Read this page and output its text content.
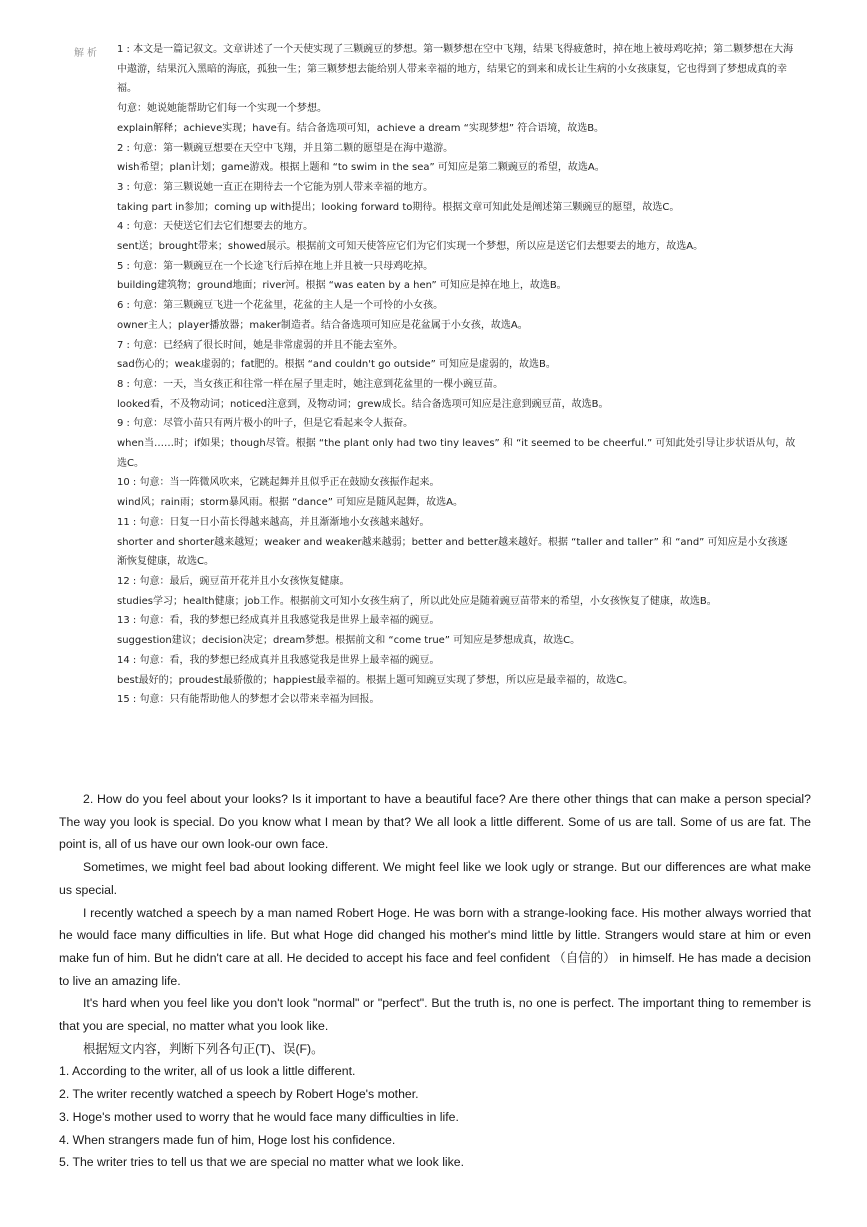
解析 1 : 本文是一篇记叙文。文章讲述了一个天使实现了三颗豌豆的梦想。第一颗梦想在空中飞翔，结果飞得疲惫时，掉在地上被母鸡吃掉；第二颗梦想在大海中遨游，结果沉入黑暗的海底，孤独一生；第三颗梦想去能给别人带来幸福的地方，结果它的到来和成长让生病的小女孩康复，它也得到了梦想成真的幸福。
句意：她说她能帮助它们每一个实现一个梦想。
explain解释；achieve实现；have有。结合备选项可知，achieve a dream “实现梦想” 符合语境，故选B。
2 : 句意：第一颗豌豆想要在天空中飞翔，并且第二颗的愿望是在海中遨游。
wish希望；plan计划；game游戏。根据上题和 “to swim in the sea” 可知应是第二颗豌豆的希望，故选A。
3 : 句意：第三颗说她一直正在期待去一个它能为别人带来幸福的地方。
taking part in参加；coming up with提出；looking forward to期待。根据文章可知此处是阐述第三颗豌豆的愿望，故选C。
4 : 句意：天使送它们去它们想要去的地方。
sent送；brought带来；showed展示。根据前文可知天使答应它们为它们实现一个梦想，所以应是送它们去想要去的地方，故选A。
5 : 句意：第一颗豌豆在一个长途飞行后掉在地上并且被一只母鸡吃掉。
building建筑物；ground地面；river河。根据 “was eaten by a hen” 可知应是掉在地上，故选B。
6 : 句意：第三颗豌豆飞进一个花盆里，花盆的主人是一个可怜的小女孩。
owner主人；player播放器；maker制造者。结合备选项可知应是花盆属于小女孩，故选A。
7 : 句意：已经病了很长时间，她是非常虚弱的并且不能去室外。
sad伤心的；weak虚弱的；fat肥的。根据 “and couldn't go outside” 可知应是虚弱的，故选B。
8 : 句意：一天，当女孩正和往常一样在屋子里走时，她注意到花盆里的一棵小豌豆苗。
looked看，不及物动词；noticed注意到，及物动词；grew成长。结合备选项可知应是注意到豌豆苗，故选B。
9 : 句意：尽管小苗只有两片极小的叶子，但是它看起来令人振奋。
when当……时；if如果；though尽管。根据 “the plant only had two tiny leaves” 和 “it seemed to be cheerful.” 可知此处引导让步状语从句，故选C。
10 : 句意：当一阵微风吹来，它跳起舞并且似乎正在鼓励女孩振作起来。
wind风；rain雨；storm暴风雨。根据 “dance” 可知应是随风起舞，故选A。
11 : 句意：日复一日小苗长得越来越高，并且渐渐地小女孩越来越好。
shorter and shorter越来越短；weaker and weaker越来越弱；better and better越来越好。根据 “taller and taller” 和 “and” 可知应是小女孩逐渐恢复健康，故选C。
12 : 句意：最后，豌豆苗开花并且小女孩恢复健康。
studies学习；health健康；job工作。根据前文可知小女孩生病了，所以此处应是随着豌豆苗带来的希望，小女孩恢复了健康，故选B。
13 : 句意：看，我的梦想已经成真并且我感觉我是世界上最幸福的豌豆。
suggestion建议；decision决定；dream梦想。根据前文和 “come true” 可知应是梦想成真，故选C。
14 : 句意：看，我的梦想已经成真并且我感觉我是世界上最幸福的豌豆。
best最好的；proudest最骄傲的；happiest最幸福的。根据上题可知豌豆实现了梦想，所以应是最幸福的，故选C。
15 : 句意：只有能帮助他人的梦想才会以带来幸福为回报。

2. How do you feel about your looks? Is it important to have a beautiful face? Are there other things that can make a person special? The way you look is special. Do you know what I mean by that? We all look a little different. Some of us are tall. Some of us are fat. The point is, all of us have our own look-our own face.

Sometimes, we might feel bad about looking different. We might feel like we look ugly or strange. But our differences are what make us special.

I recently watched a speech by a man named Robert Hoge. He was born with a strange-looking face. His mother always worried that he would face many difficulties in life. But what Hoge did changed his mother's mind little by little. Strangers would stare at him or even make fun of him. But he didn't care at all. He decided to accept his face and feel confident （自信的） in himself. He has made a decision to live an amazing life.

It's hard when you feel like you don't look "normal" or "perfect". But the truth is, no one is perfect. The important thing to remember is that you are special, no matter what you look like.

根据短文内容，判断下列各句正(T)、误(F)。

1. According to the writer, all of us look a little different.
2. The writer recently watched a speech by Robert Hoge's mother.
3. Hoge's mother used to worry that he would face many difficulties in life.
4. When strangers made fun of him, Hoge lost his confidence.
5. The writer tries to tell us that we are special no matter what we look like.
